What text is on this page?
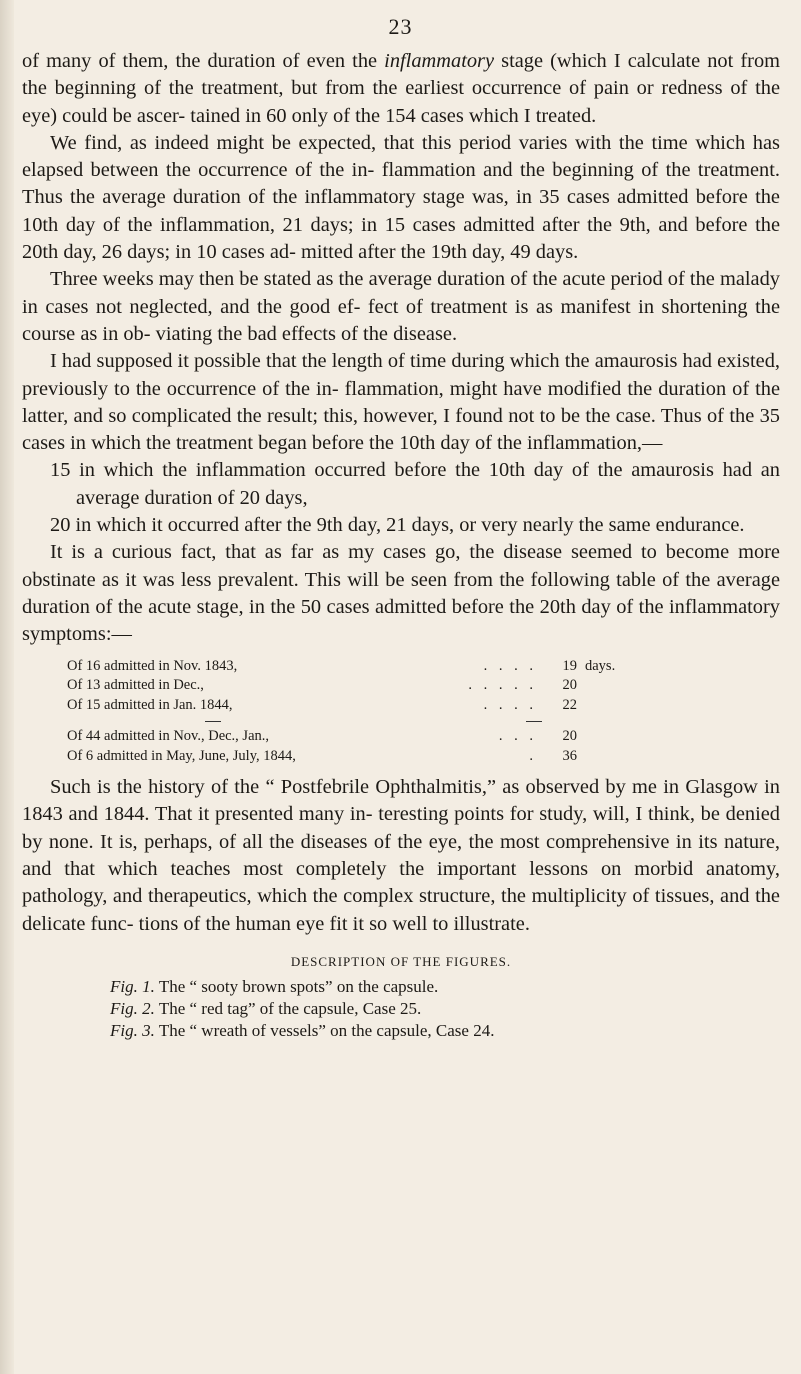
23

of many of them, the duration of even the inflammatory stage (which I calculate not from the beginning of the treatment, but from the earliest occurrence of pain or redness of the eye) could be ascer- tained in 60 only of the 154 cases which I treated.

We find, as indeed might be expected, that this period varies with the time which has elapsed between the occurrence of the in- flammation and the beginning of the treatment. Thus the average duration of the inflammatory stage was, in 35 cases admitted before the 10th day of the inflammation, 21 days; in 15 cases admitted after the 9th, and before the 20th day, 26 days; in 10 cases ad- mitted after the 19th day, 49 days.

Three weeks may then be stated as the average duration of the acute period of the malady in cases not neglected, and the good ef- fect of treatment is as manifest in shortening the course as in ob- viating the bad effects of the disease.

I had supposed it possible that the length of time during which the amaurosis had existed, previously to the occurrence of the in- flammation, might have modified the duration of the latter, and so complicated the result; this, however, I found not to be the case. Thus of the 35 cases in which the treatment began before the 10th day of the inflammation,—

15 in which the inflammation occurred before the 10th day of the amaurosis had an average duration of 20 days,

20 in which it occurred after the 9th day, 21 days, or very nearly the same endurance.

It is a curious fact, that as far as my cases go, the disease seemed to become more obstinate as it was less prevalent. This will be seen from the following table of the average duration of the acute stage, in the 50 cases admitted before the 20th day of the inflammatory symptoms:—

Of 16 admitted in Nov. 1843,	. . . .	19 days.
Of 13 admitted in Dec.,	. . . . .	20
Of 15 admitted in Jan. 1844,	. . . .	22
Of 44 admitted in Nov., Dec., Jan.,	. . .	20
Of 6 admitted in May, June, July, 1844,	.	36

Such is the history of the “ Postfebrile Ophthalmitis,” as observed by me in Glasgow in 1843 and 1844. That it presented many in- teresting points for study, will, I think, be denied by none. It is, perhaps, of all the diseases of the eye, the most comprehensive in its nature, and that which teaches most completely the important lessons on morbid anatomy, pathology, and therapeutics, which the complex structure, the multiplicity of tissues, and the delicate func- tions of the human eye fit it so well to illustrate.

DESCRIPTION OF THE FIGURES.
Fig. 1. The “ sooty brown spots” on the capsule.
Fig. 2. The “ red tag” of the capsule, Case 25.
Fig. 3. The “ wreath of vessels” on the capsule, Case 24.
